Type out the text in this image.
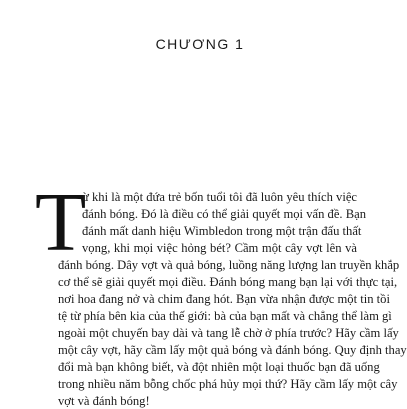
CHƯƠNG 1
T
ừ khi là một đứa trẻ bốn tuổi tôi đã luôn yêu thích việc
đánh bóng. Đó là điều có thể giải quyết mọi vấn đề. Bạn
đánh mất danh hiệu Wimbledon trong một trận đấu thất
vọng, khi mọi việc hỏng bét? Cầm một cây vợt lên và
đánh bóng. Dây vợt và quả bóng, luồng năng lượng lan truyền khắp
cơ thể sẽ giải quyết mọi điều. Đánh bóng mang bạn lại với thực tại,
nơi hoa đang nở và chim đang hót. Bạn vừa nhận được một tin tồi
tệ từ phía bên kia của thế giới: bà của bạn mất và chẳng thể làm gì
ngoài một chuyến bay dài và tang lễ chờ ở phía trước? Hãy cầm lấy
một cây vợt, hãy cầm lấy một quả bóng và đánh bóng. Quy định thay
đổi mà bạn không biết, và đột nhiên một loại thuốc bạn đã uống
trong nhiều năm bỗng chốc phá hủy mọi thứ? Hãy cầm lấy một cây
vợt và đánh bóng!
